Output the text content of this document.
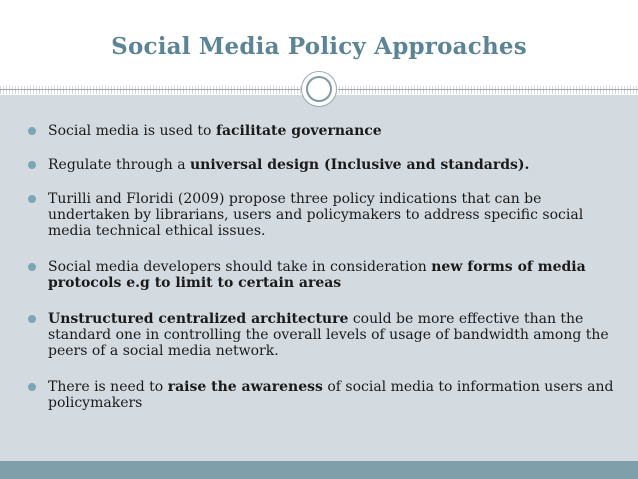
Social Media Policy Approaches
Social media is used to facilitate governance
Regulate through a universal design (Inclusive and standards).
Turilli and Floridi (2009) propose three policy indications that can be undertaken by librarians, users and policymakers to address specific social media technical ethical issues.
Social media developers should take in consideration new forms of media protocols e.g to limit to certain areas
Unstructured centralized architecture could be more effective than the standard one in controlling the overall levels of usage of bandwidth among the peers of a social media network.
There is need to raise the awareness of social media to information users and policymakers
